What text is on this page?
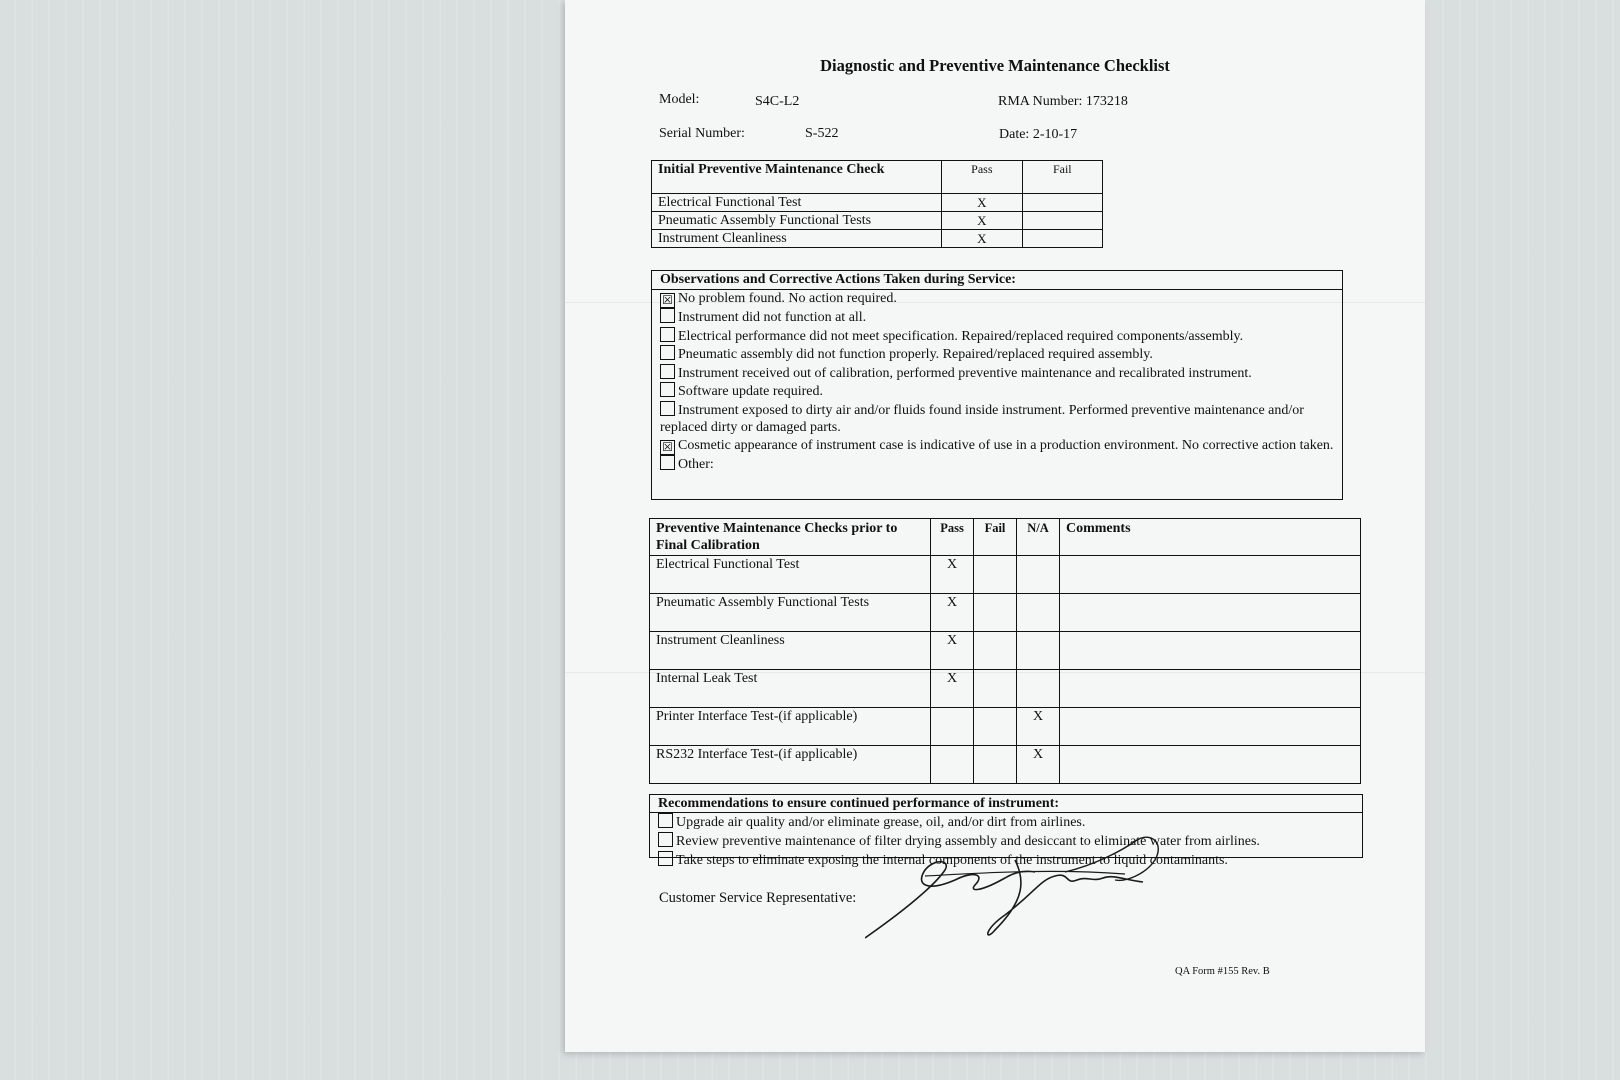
Diagnostic and Preventive Maintenance Checklist
Model:	S4C-L2	RMA Number: 173218
Serial Number:	S-522	Date: 2-10-17
Initial Preventive Maintenance Check	Pass	Fail
Electrical Functional Test	X	
Pneumatic Assembly Functional Tests	X	
Instrument Cleanliness	X	
Observations and Corrective Actions Taken during Service:
☒ No problem found. No action required.
Instrument did not function at all.
Electrical performance did not meet specification. Repaired/replaced required components/assembly.
Pneumatic assembly did not function properly. Repaired/replaced required assembly.
Instrument received out of calibration, performed preventive maintenance and recalibrated instrument.
Software update required.
Instrument exposed to dirty air and/or fluids found inside instrument. Performed preventive maintenance and/or replaced dirty or damaged parts.
☒ Cosmetic appearance of instrument case is indicative of use in a production environment. No corrective action taken.
Other:
Preventive Maintenance Checks prior to Final Calibration	Pass	Fail	N/A	Comments
Electrical Functional Test	X			
Pneumatic Assembly Functional Tests	X			
Instrument Cleanliness	X			
Internal Leak Test	X			
Printer Interface Test-(if applicable)			X	
RS232 Interface Test-(if applicable)			X	
Recommendations to ensure continued performance of instrument:
Upgrade air quality and/or eliminate grease, oil, and/or dirt from airlines.
Review preventive maintenance of filter drying assembly and desiccant to eliminate water from airlines.
Take steps to eliminate exposing the internal components of the instrument to liquid contaminants.
Customer Service Representative:
QA Form #155 Rev. B
